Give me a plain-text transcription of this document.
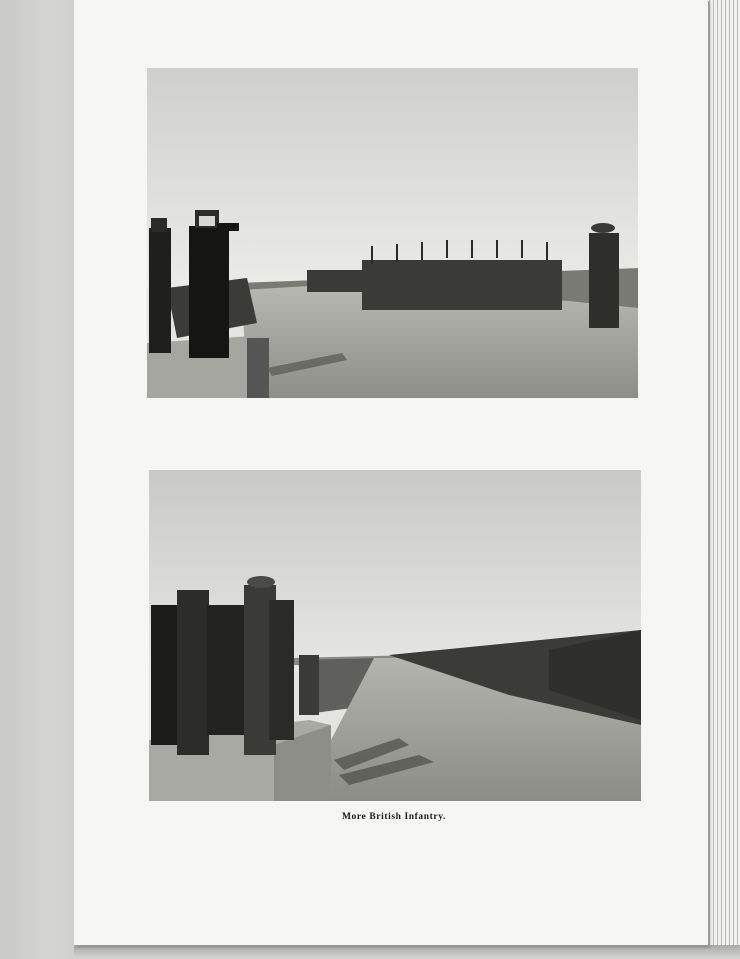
More British Infantry.
